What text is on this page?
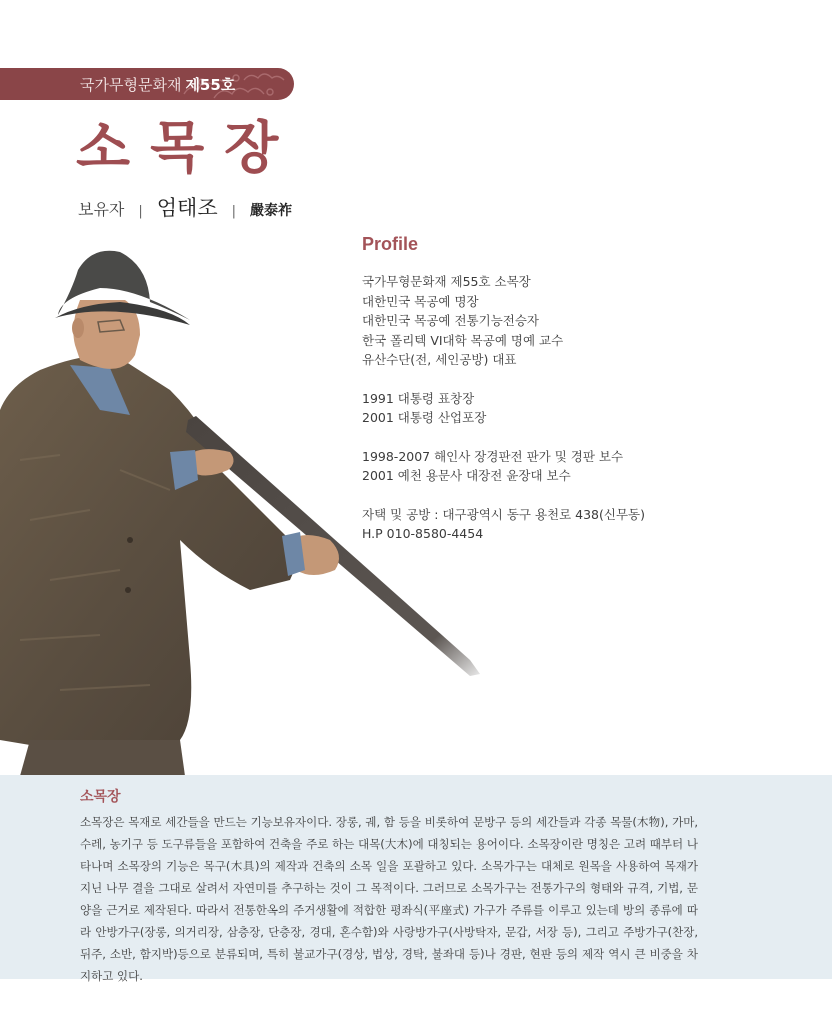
국가무형문화재 제55호
소목장
보유자 | 엄태조 | 嚴泰祚
Profile
국가무형문화재 제55호 소목장
대한민국 목공예 명장
대한민국 목공예 전통기능전승자
한국 폴리텍 VI대학 목공예 명예 교수
유산수단(전, 세인공방) 대표
1991 대통령 표창장
2001 대통령 산업포장
1998-2007 해인사 장경판전 판가 및 경판 보수
2001 예천 용문사 대장전 윤장대 보수
자택 및 공방 : 대구광역시 동구 용천로 438(신무동)
H.P 010-8580-4454
소목장
소목장은 목재로 세간들을 만드는 기능보유자이다. 장롱, 궤, 함 등을 비롯하여 문방구 등의 세간들과 각종 목물(木物), 가마, 수레, 농기구 등 도구류들을 포함하여 건축을 주로 하는 대목(大木)에 대칭되는 용어이다. 소목장이란 명칭은 고려 때부터 나타나며 소목장의 기능은 목구(木具)의 제작과 건축의 소목 일을 포괄하고 있다. 소목가구는 대체로 원목을 사용하여 목재가 지닌 나무 결을 그대로 살려서 자연미를 추구하는 것이 그 목적이다. 그러므로 소목가구는 전통가구의 형태와 규격, 기법, 문양을 근거로 제작된다. 따라서 전통한옥의 주거생활에 적합한 평좌식(平座式) 가구가 주류를 이루고 있는데 방의 종류에 따라 안방가구(장롱, 의거리장, 삼층장, 단층장, 경대, 혼수함)와 사랑방가구(사방탁자, 문갑, 서장 등), 그리고 주방가구(찬장, 뒤주, 소반, 함지박)등으로 분류되며, 특히 불교가구(경상, 법상, 경탁, 불좌대 등)나 경판, 현판 등의 제작 역시 큰 비중을 차지하고 있다.
